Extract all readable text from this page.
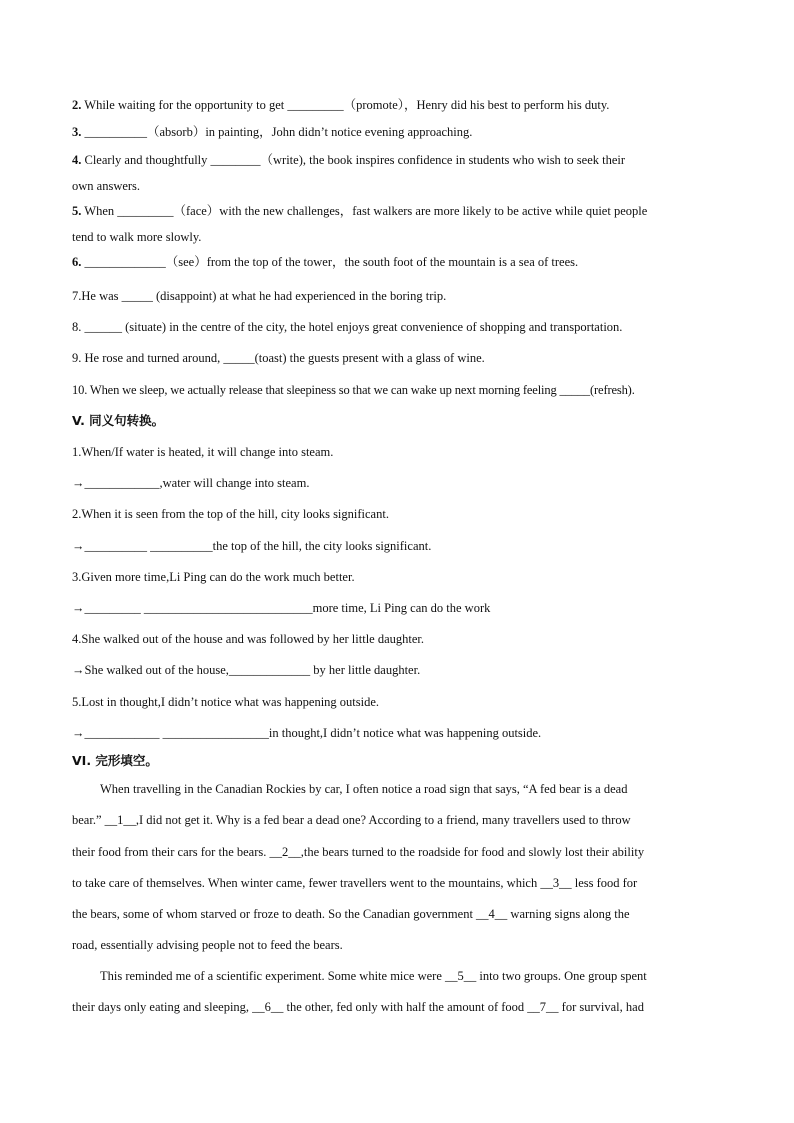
2. While waiting for the opportunity to get _________（promote），Henry did his best to perform his duty.
3. __________（absorb）in painting，John didn’t notice evening approaching.
4. Clearly and thoughtfully ________（write), the book inspires confidence in students who wish to seek their
own answers.
5. When _________（face）with the new challenges，fast walkers are more likely to be active while quiet people
tend to walk more slowly.
6. _____________（see）from the top of the tower，the south foot of the mountain is a sea of trees.
7.He was _____ (disappoint) at what he had experienced in the boring trip.
8. ______ (situate) in the centre of the city, the hotel enjoys great convenience of shopping and transportation.
9. He rose and turned around, _____(toast) the guests present with a glass of wine.
10. When we sleep, we actually release that sleepiness so that we can wake up next morning feeling _____(refresh).
V. 同义句转换。
1.When/If water is heated, it will change into steam.
→____________,water will change into steam.
2.When it is seen from the top of the hill, city looks significant.
→__________ __________the top of the hill, the city looks significant.
3.Given more time,Li Ping can do the work much better.
→_________ ___________________________more time, Li Ping can do the work
4.She walked out of the house and was followed by her little daughter.
→She walked out of the house,_____________ by her little daughter.
5.Lost in thought,I didn’t notice what was happening outside.
→____________ _________________in thought,I didn’t notice what was happening outside.
VI. 完形填空。
When travelling in the Canadian Rockies by car, I often notice a road sign that says, “A fed bear is a dead
bear.” __1__,I did not get it. Why is a fed bear a dead one? According to a friend, many travellers used to throw
their food from their cars for the bears. __2__,the bears turned to the roadside for food and slowly lost their ability
to take care of themselves. When winter came, fewer travellers went to the mountains, which __3__ less food for
the bears, some of whom starved or froze to death. So the Canadian government __4__ warning signs along the
road, essentially advising people not to feed the bears.
This reminded me of a scientific experiment. Some white mice were __5__ into two groups. One group spent
their days only eating and sleeping, __6__ the other, fed only with half the amount of food __7__ for survival, had
